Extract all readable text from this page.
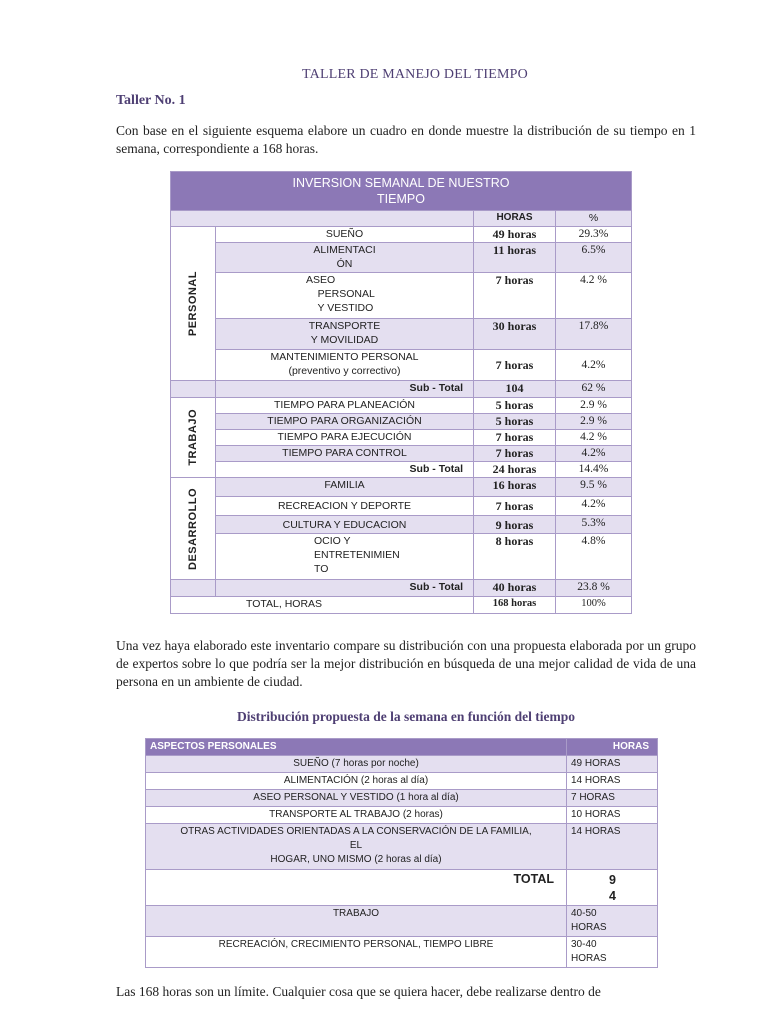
TALLER DE MANEJO DEL TIEMPO
Taller No. 1
Con base en el siguiente esquema elabore un cuadro en donde muestre la distribución de su tiempo en 1 semana, correspondiente a 168 horas.
INVERSION SEMANAL DE NUESTRO
TIEMPO			
		HORAS	%

PERSONAL	SUEÑO	49 horas	29.3%
	ALIMENTACI
ÓN	11 horas	6.5%
	ASEO
PERSONAL
Y VESTIDO	7 horas	4.2 %
	TRANSPORTE
Y MOVILIDAD	30 horas	17.8%
	MANTENIMIENTO PERSONAL
(preventivo y correctivo)	7 horas	4.2%
	Sub - Total	104	62 %

TRABAJO	TIEMPO PARA PLANEACIÓN	5 horas	2.9 %
	TIEMPO PARA ORGANIZACIÓN	5 horas	2.9 %
	TIEMPO PARA EJECUCIÓN	7 horas	4.2 %
	TIEMPO PARA CONTROL	7 horas	4.2%
	Sub - Total	24 horas	14.4%

DESARROLLO	FAMILIA	16 horas	9.5 %
	RECREACION Y DEPORTE	7 horas	4.2%
	CULTURA Y EDUCACION	9 horas	5.3%
	OCIO Y
ENTRETENIMIEN
TO	8 horas	4.8%
	Sub - Total	40 horas	23.8 %
TOTAL, HORAS		168 horas	100%
Una vez haya elaborado este inventario compare su distribución con una propuesta elaborada por un grupo de expertos sobre lo que podría ser la mejor distribución en búsqueda de una mejor calidad de vida de una persona en un ambiente de ciudad.
Distribución propuesta de la semana en función del tiempo
ASPECTOS PERSONALES	HORAS
SUEÑO (7 horas por noche)	49 HORAS
ALIMENTACIÓN (2 horas al día)	14 HORAS
ASEO PERSONAL Y VESTIDO (1 hora al día)	7 HORAS
TRANSPORTE AL TRABAJO (2 horas)	10 HORAS
OTRAS ACTIVIDADES ORIENTADAS A LA CONSERVACIÓN DE LA FAMILIA,
EL
HOGAR, UNO MISMO (2 horas al día)	14 HORAS
TOTAL	9
4
TRABAJO	40-50
HORAS
RECREACIÓN, CRECIMIENTO PERSONAL, TIEMPO LIBRE	30-40
HORAS
Las 168 horas son un límite. Cualquier cosa que se quiera hacer, debe realizarse dentro de
